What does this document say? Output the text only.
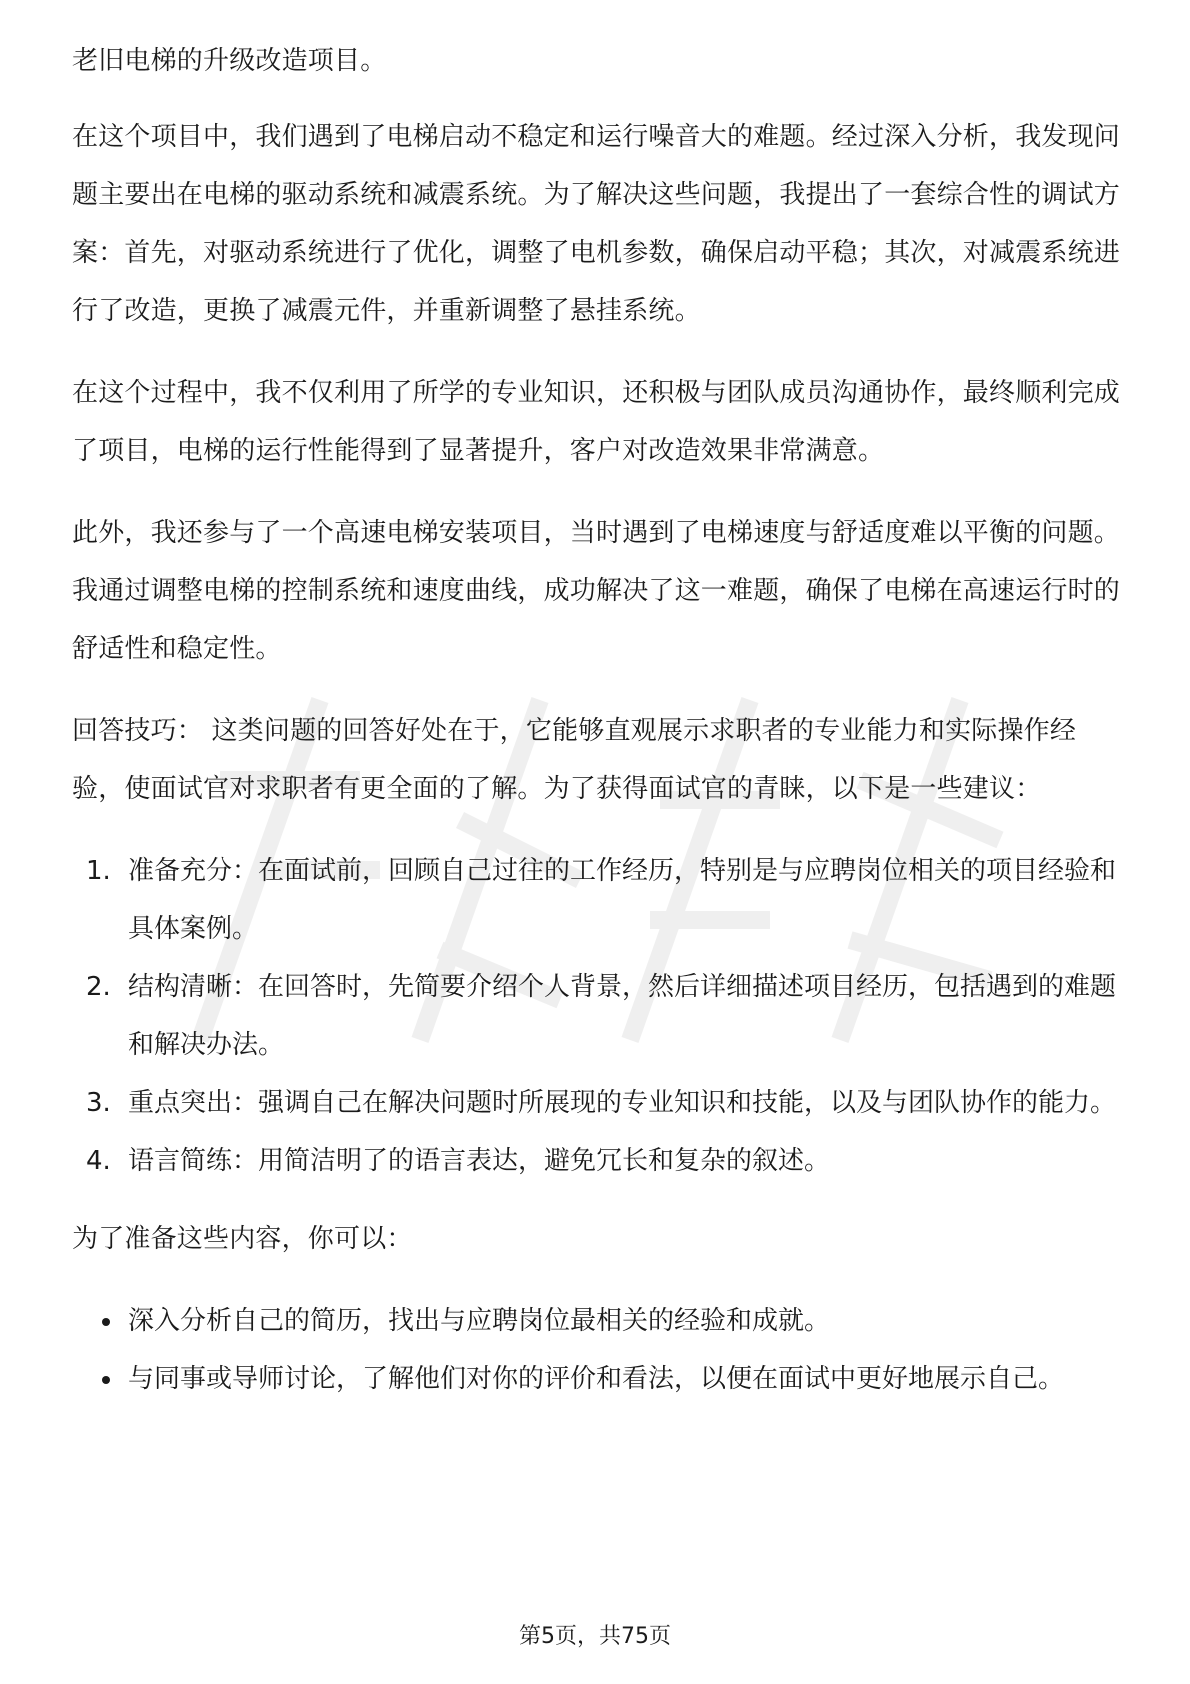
老旧电梯的升级改造项目。

在这个项目中，我们遇到了电梯启动不稳定和运行噪音大的难题。经过深入分析，我发现问题主要出在电梯的驱动系统和减震系统。为了解决这些问题，我提出了一套综合性的调试方案：首先，对驱动系统进行了优化，调整了电机参数，确保启动平稳；其次，对减震系统进行了改造，更换了减震元件，并重新调整了悬挂系统。

在这个过程中，我不仅利用了所学的专业知识，还积极与团队成员沟通协作，最终顺利完成了项目，电梯的运行性能得到了显著提升，客户对改造效果非常满意。

此外，我还参与了一个高速电梯安装项目，当时遇到了电梯速度与舒适度难以平衡的问题。我通过调整电梯的控制系统和速度曲线，成功解决了这一难题，确保了电梯在高速运行时的舒适性和稳定性。

回答技巧： 这类问题的回答好处在于，它能够直观展示求职者的专业能力和实际操作经验，使面试官对求职者有更全面的了解。为了获得面试官的青睐，以下是一些建议：

1. 准备充分：在面试前，回顾自己过往的工作经历，特别是与应聘岗位相关的项目经验和具体案例。
2. 结构清晰：在回答时，先简要介绍个人背景，然后详细描述项目经历，包括遇到的难题和解决办法。
3. 重点突出：强调自己在解决问题时所展现的专业知识和技能，以及与团队协作的能力。
4. 语言简练：用简洁明了的语言表达，避免冗长和复杂的叙述。

为了准备这些内容，你可以：

深入分析自己的简历，找出与应聘岗位最相关的经验和成就。
与同事或导师讨论，了解他们对你的评价和看法，以便在面试中更好地展示自己。
第5页，共75页
